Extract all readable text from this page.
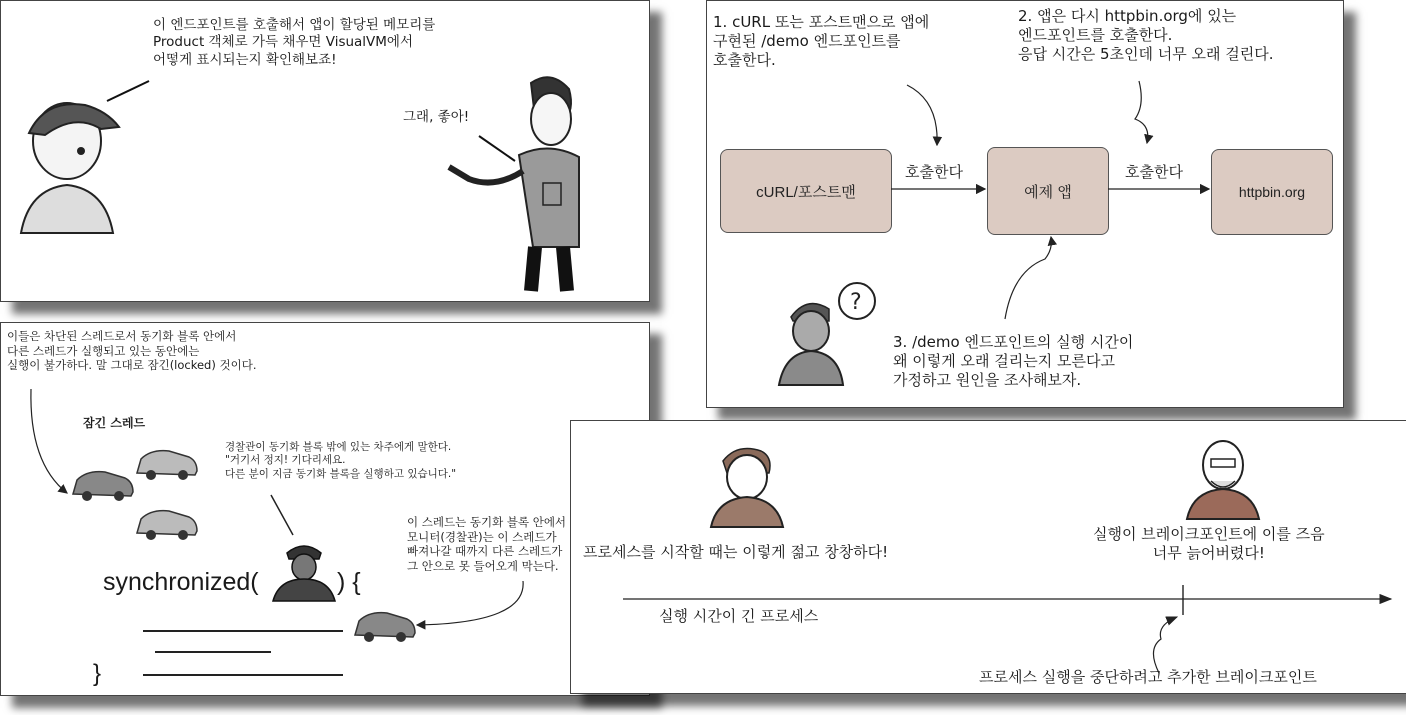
이 엔드포인트를 호출해서 앱이 할당된 메모리를
Product 객체로 가득 채우면 VisualVM에서
어떻게 표시되는지 확인해보죠!
그래, 좋아!
1. cURL 또는 포스트맨으로 앱에
구현된 /demo 엔드포인트를
호출한다.
2. 앱은 다시 httpbin.org에 있는
엔드포인트를 호출한다.
응답 시간은 5초인데 너무 오래 걸린다.
cURL/포스트맨	예제 앱	httpbin.org
호출한다	호출한다
?
3. /demo 엔드포인트의 실행 시간이
왜 이렇게 오래 걸리는지 모른다고
가정하고 원인을 조사해보자.
이들은 차단된 스레드로서 동기화 블록 안에서
다른 스레드가 실행되고 있는 동안에는
실행이 불가하다. 말 그대로 잠긴(locked) 것이다.
잠긴 스레드
경찰관이 동기화 블록 밖에 있는 차주에게 말한다.
"거기서 정지! 기다리세요.
다른 분이 지금 동기화 블록을 실행하고 있습니다."
이 스레드는 동기화 블록 안에서
모니터(경찰관)는 이 스레드가
빠져나갈 때까지 다른 스레드가
그 안으로 못 들어오게 막는다.
synchronized(	) {
}
프로세스를 시작할 때는 이렇게 젊고 창창하다!
실행이 브레이크포인트에 이를 즈음
너무 늙어버렸다!
실행 시간이 긴 프로세스
프로세스 실행을 중단하려고 추가한 브레이크포인트
